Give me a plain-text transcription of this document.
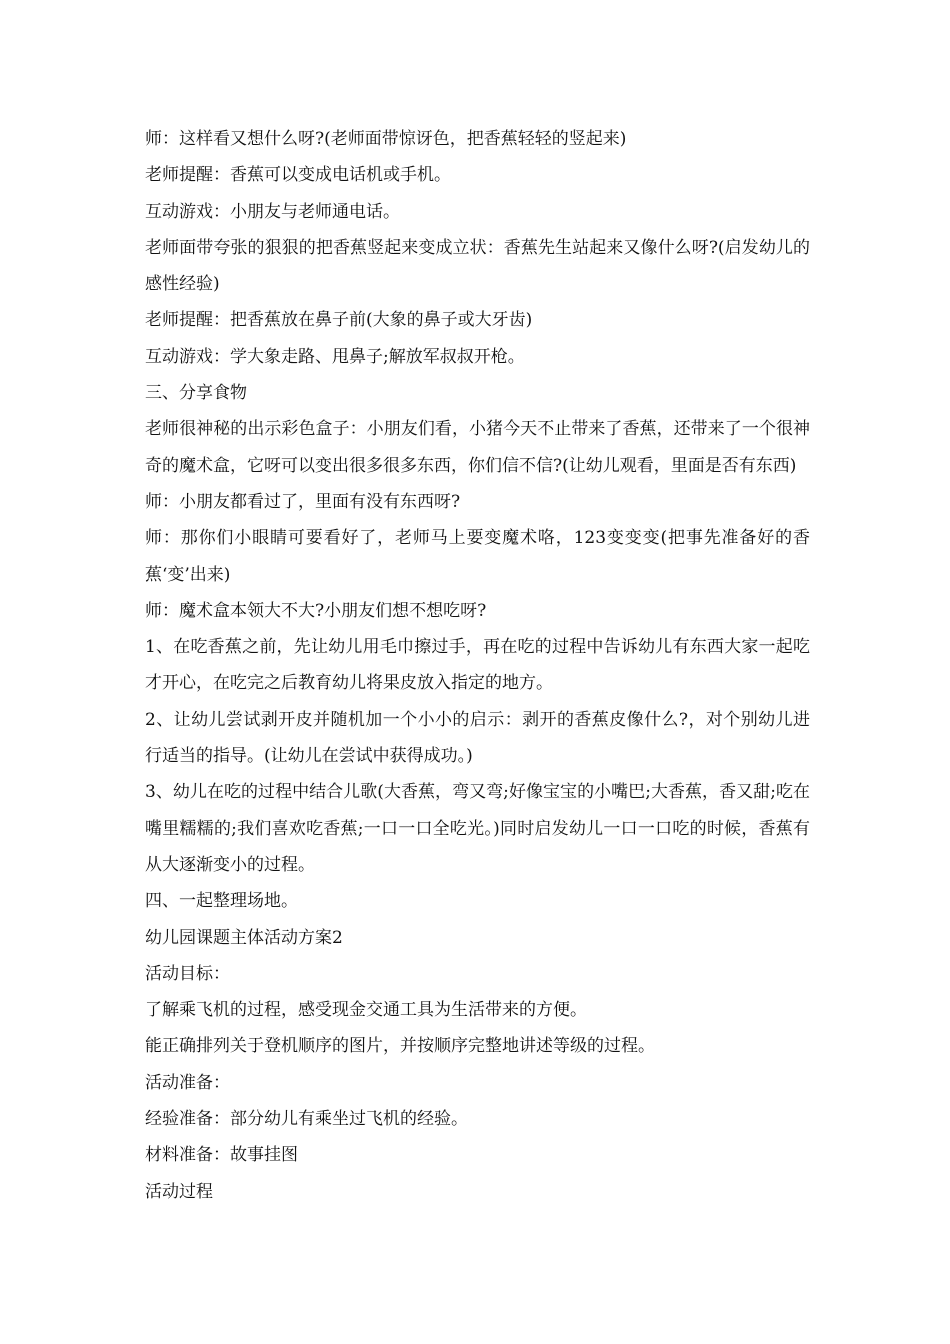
师：这样看又想什么呀?(老师面带惊讶色，把香蕉轻轻的竖起来)

老师提醒：香蕉可以变成电话机或手机。

互动游戏：小朋友与老师通电话。

老师面带夸张的狠狠的把香蕉竖起来变成立状：香蕉先生站起来又像什么呀?(启发幼儿的感性经验)

老师提醒：把香蕉放在鼻子前(大象的鼻子或大牙齿)

互动游戏：学大象走路、甩鼻子;解放军叔叔开枪。

三、分享食物

老师很神秘的出示彩色盒子：小朋友们看，小猪今天不止带来了香蕉，还带来了一个很神奇的魔术盒，它呀可以变出很多很多东西，你们信不信?(让幼儿观看，里面是否有东西)

师：小朋友都看过了，里面有没有东西呀?

师：那你们小眼睛可要看好了，老师马上要变魔术咯，123变变变(把事先准备好的香蕉‘变’出来)

师：魔术盒本领大不大?小朋友们想不想吃呀?

1、在吃香蕉之前，先让幼儿用毛巾擦过手，再在吃的过程中告诉幼儿有东西大家一起吃才开心，在吃完之后教育幼儿将果皮放入指定的地方。

2、让幼儿尝试剥开皮并随机加一个小小的启示：剥开的香蕉皮像什么?，对个别幼儿进行适当的指导。(让幼儿在尝试中获得成功。)

3、幼儿在吃的过程中结合儿歌(大香蕉，弯又弯;好像宝宝的小嘴巴;大香蕉，香又甜;吃在嘴里糯糯的;我们喜欢吃香蕉;一口一口全吃光。)同时启发幼儿一口一口吃的时候，香蕉有从大逐渐变小的过程。

四、一起整理场地。

幼儿园课题主体活动方案2

活动目标：

了解乘飞机的过程，感受现金交通工具为生活带来的方便。

能正确排列关于登机顺序的图片，并按顺序完整地讲述等级的过程。

活动准备：

经验准备：部分幼儿有乘坐过飞机的经验。

材料准备：故事挂图

活动过程
